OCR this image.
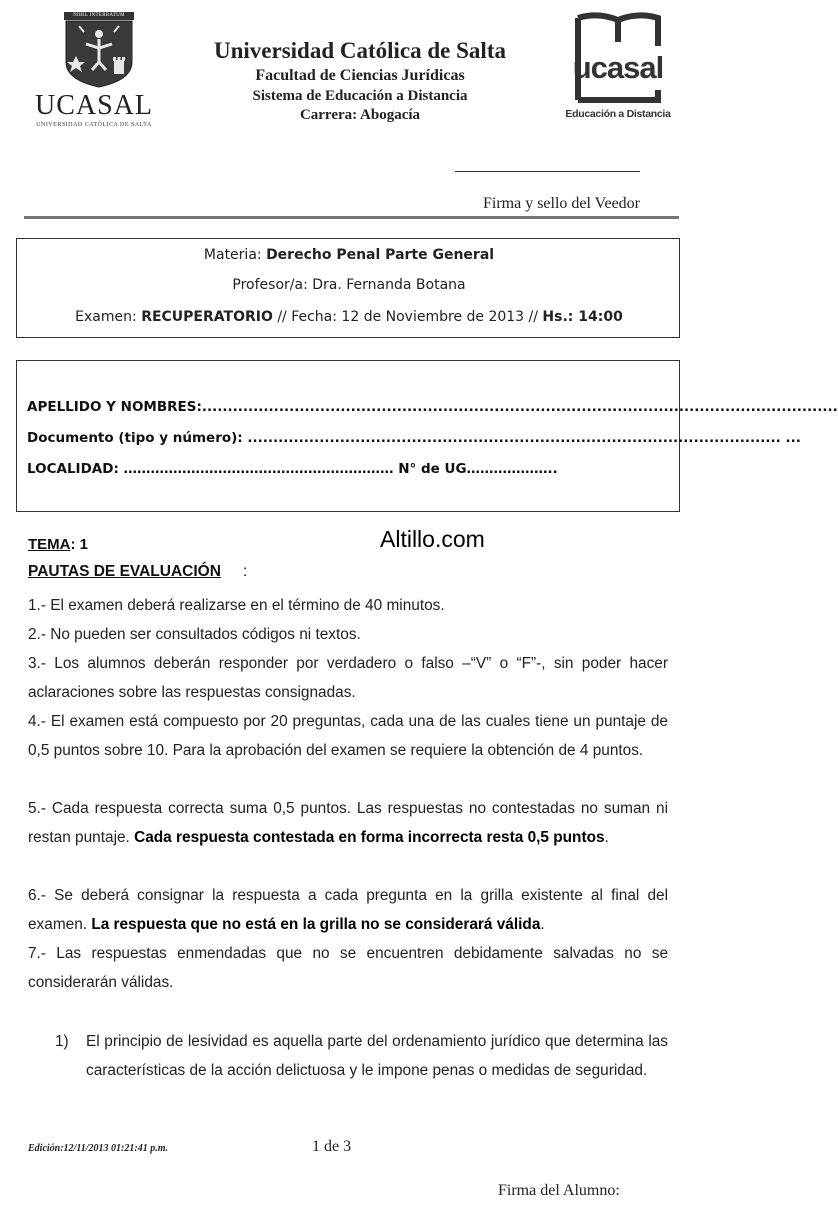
NIHIL INTERRATUM
UCASAL
UNIVERSIDAD CATÓLICA DE SALTA
Universidad Católica de Salta
Facultad de Ciencias Jurídicas
Sistema de Educación a Distancia
Carrera: Abogacía
ucasal
Educación a Distancia
Firma y sello del Veedor
Materia: Derecho Penal Parte General
Profesor/a: Dra. Fernanda Botana
Examen: RECUPERATORIO // Fecha: 12 de Noviembre de 2013 // Hs.: 14:00
APELLIDO Y NOMBRES:............................................................................................................................
Documento (tipo y número): ........................................................................................................ ...
LOCALIDAD: …………………………………………………… N° de UG………………..
TEMA: 1	Altillo.com
PAUTAS DE EVALUACIÓN :
1.- El examen deberá realizarse en el término de 40 minutos.
2.- No pueden ser consultados códigos ni textos.
3.- Los alumnos deberán responder por verdadero o falso –“V” o “F”-, sin poder hacer aclaraciones sobre las respuestas consignadas.
4.- El examen está compuesto por 20 preguntas, cada una de las cuales tiene un puntaje de 0,5 puntos sobre 10. Para la aprobación del examen se requiere la obtención de 4 puntos.
5.- Cada respuesta correcta suma 0,5 puntos. Las respuestas no contestadas no suman ni restan puntaje. Cada respuesta contestada en forma incorrecta resta 0,5 puntos.
6.- Se deberá consignar la respuesta a cada pregunta en la grilla existente al final del examen. La respuesta que no está en la grilla no se considerará válida.
7.- Las respuestas enmendadas que no se encuentren debidamente salvadas no se considerarán válidas.
1) El principio de lesividad es aquella parte del ordenamiento jurídico que determina las características de la acción delictuosa y le impone penas o medidas de seguridad.
Edición:12/11/2013 01:21:41 p.m.	1 de 3
Firma del Alumno:
